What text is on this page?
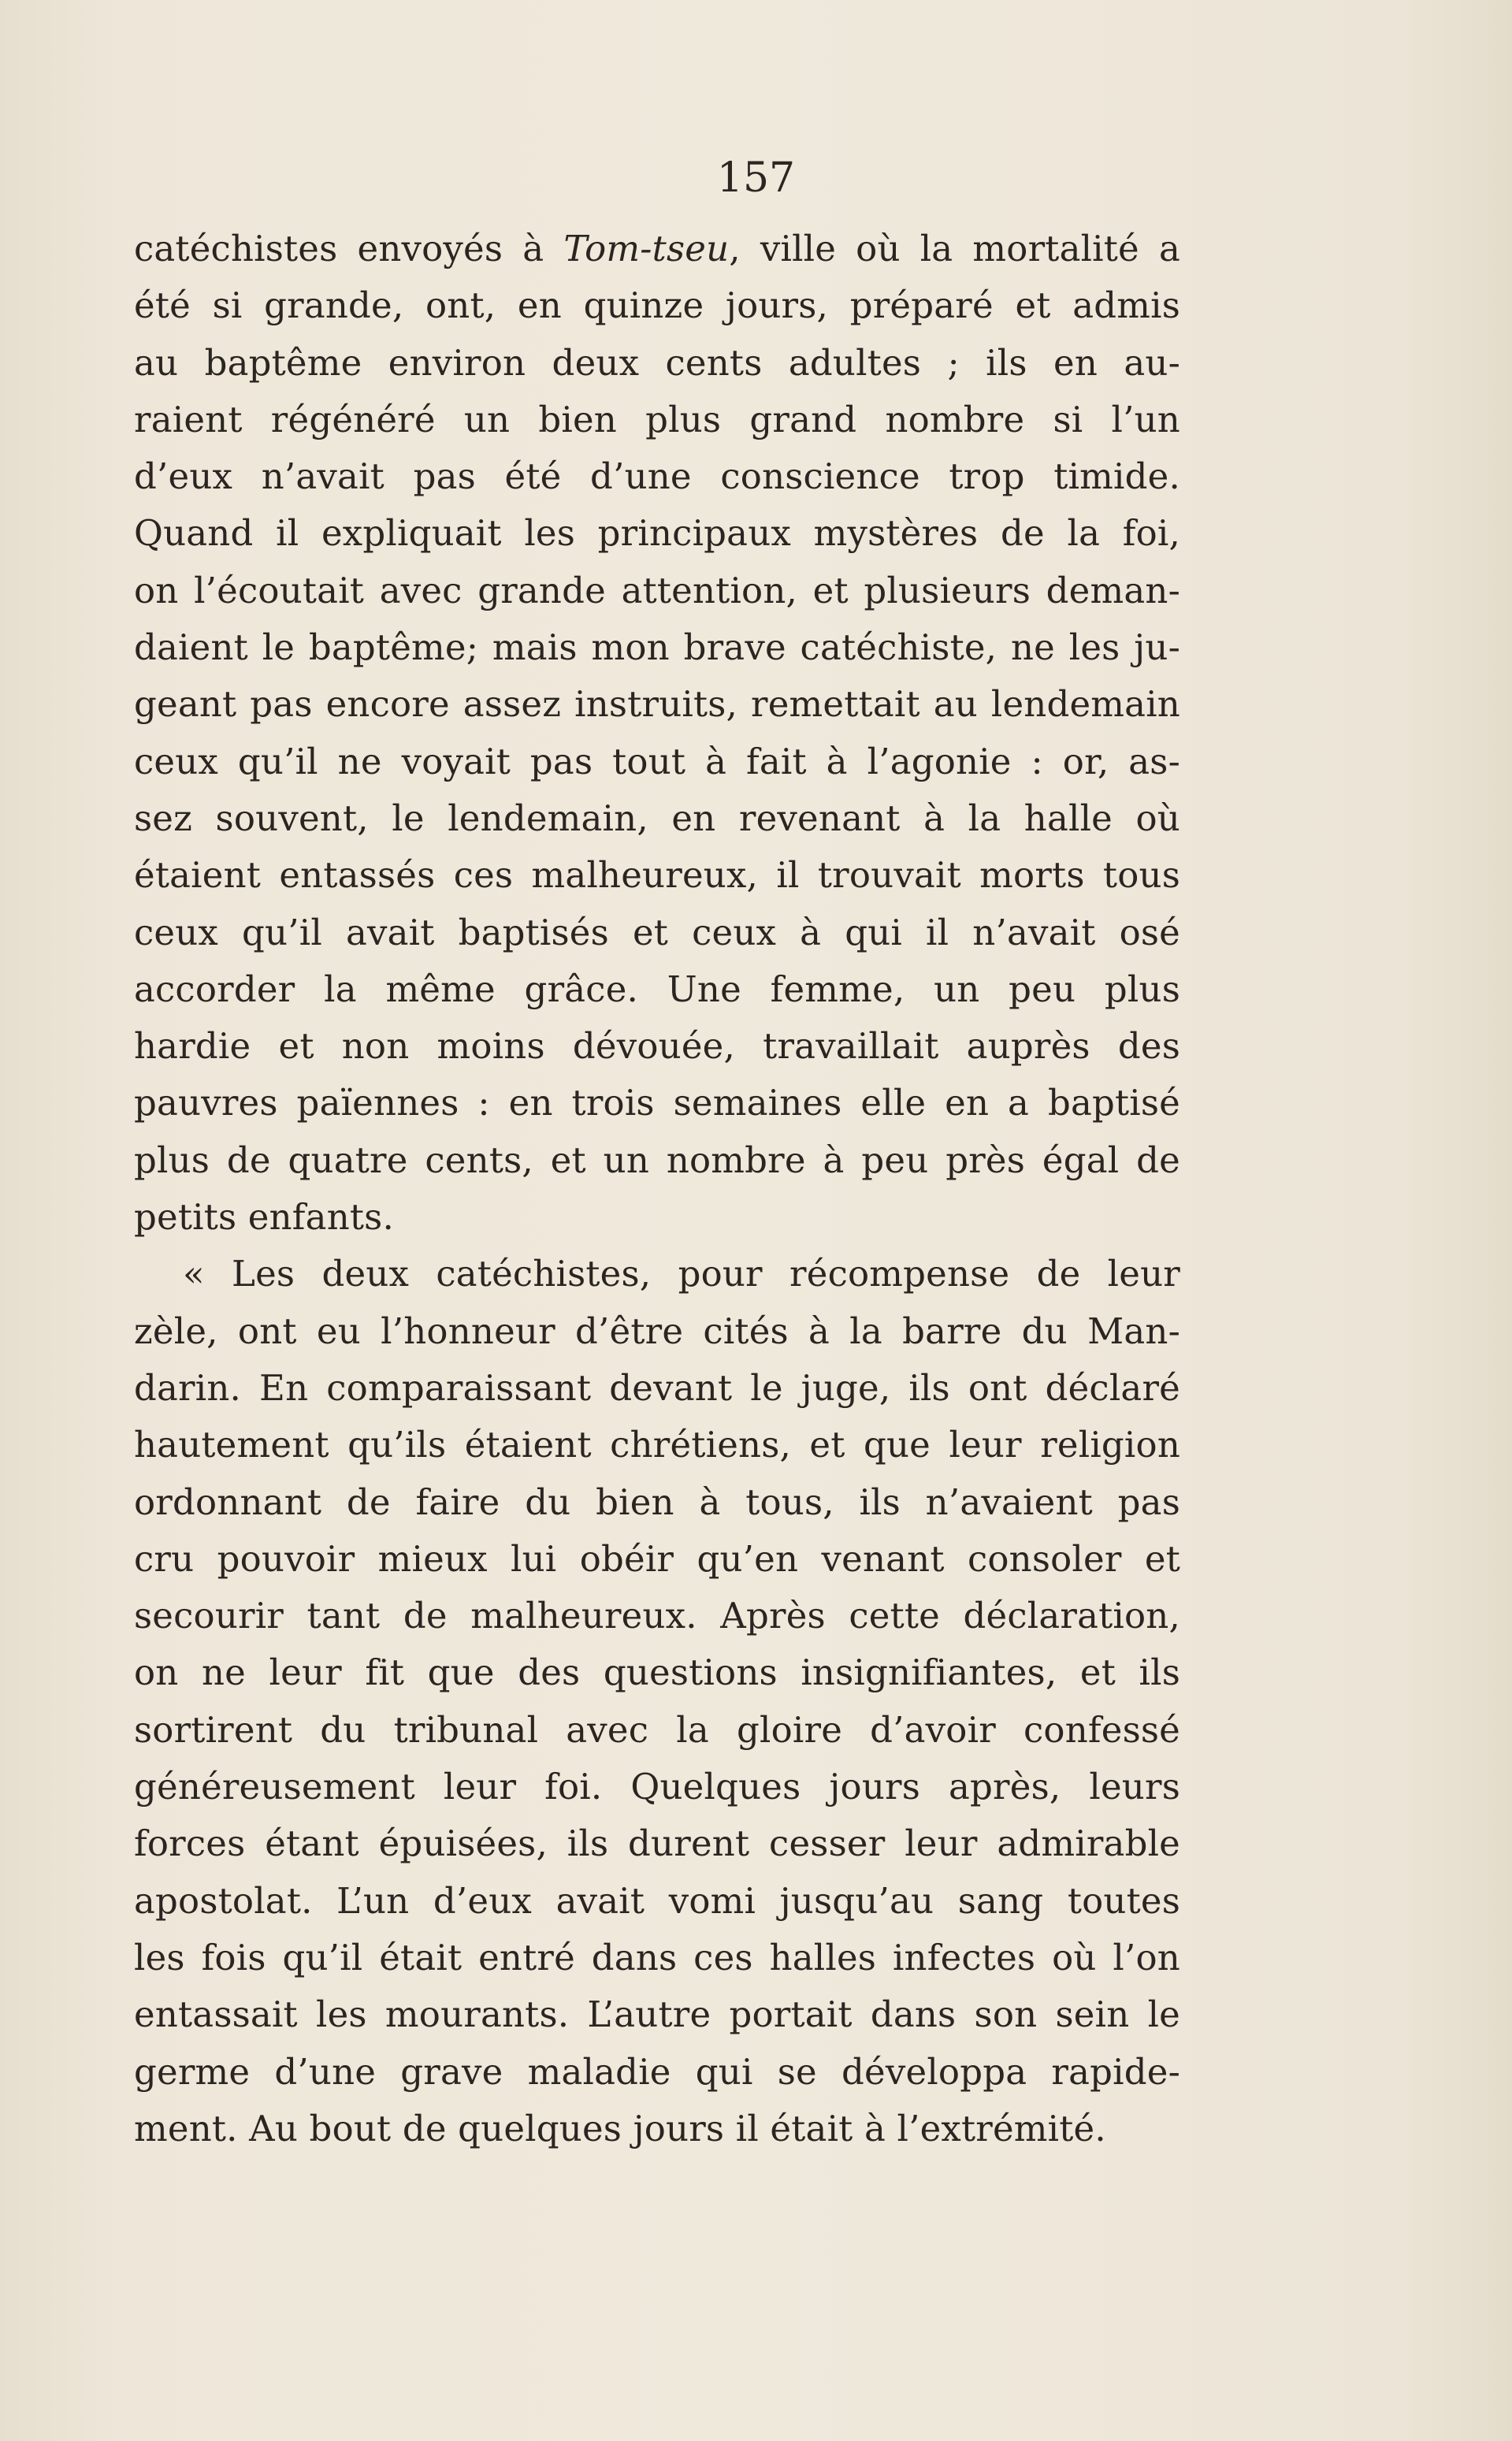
157
catéchistes envoyés à Tom-tseu, ville où la mortalité a
été si grande, ont, en quinze jours, préparé et admis
au baptême environ deux cents adultes ; ils en au-
raient régénéré un bien plus grand nombre si l’un
d’eux n’avait pas été d’une conscience trop timide.
Quand il expliquait les principaux mystères de la foi,
on l’écoutait avec grande attention, et plusieurs deman-
daient le baptême; mais mon brave catéchiste, ne les ju-
geant pas encore assez instruits, remettait au lendemain
ceux qu’il ne voyait pas tout à fait à l’agonie : or, as-
sez souvent, le lendemain, en revenant à la halle où
étaient entassés ces malheureux, il trouvait morts tous
ceux qu’il avait baptisés et ceux à qui il n’avait osé
accorder la même grâce. Une femme, un peu plus
hardie et non moins dévouée, travaillait auprès des
pauvres païennes : en trois semaines elle en a baptisé
plus de quatre cents, et un nombre à peu près égal de
petits enfants.
« Les deux catéchistes, pour récompense de leur
zèle, ont eu l’honneur d’être cités à la barre du Man-
darin. En comparaissant devant le juge, ils ont déclaré
hautement qu’ils étaient chrétiens, et que leur religion
ordonnant de faire du bien à tous, ils n’avaient pas
cru pouvoir mieux lui obéir qu’en venant consoler et
secourir tant de malheureux. Après cette déclaration,
on ne leur fit que des questions insignifiantes, et ils
sortirent du tribunal avec la gloire d’avoir confessé
généreusement leur foi. Quelques jours après, leurs
forces étant épuisées, ils durent cesser leur admirable
apostolat. L’un d’eux avait vomi jusqu’au sang toutes
les fois qu’il était entré dans ces halles infectes où l’on
entassait les mourants. L’autre portait dans son sein le
germe d’une grave maladie qui se développa rapide-
ment. Au bout de quelques jours il était à l’extrémité.
